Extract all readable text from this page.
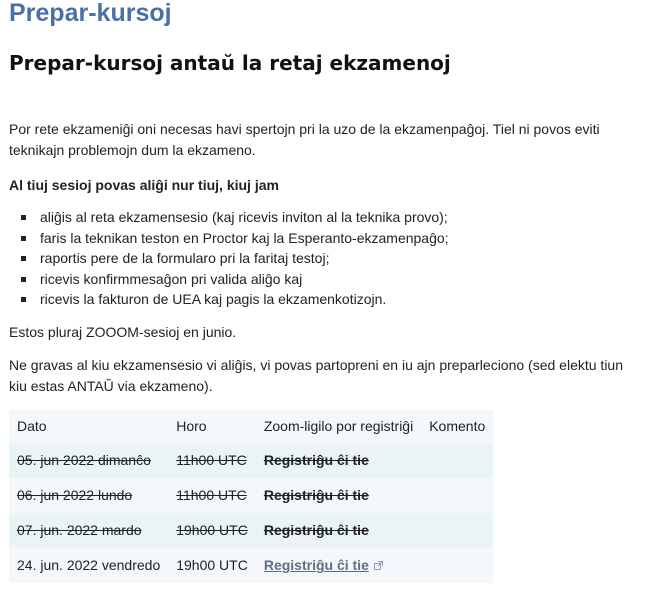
Prepar-kursoj
Prepar-kursoj antaŭ la retaj ekzamenoj

Por rete ekzameniĝi oni necesas havi spertojn pri la uzo de la ekzamenpaĝoj. Tiel ni povos eviti teknikajn problemojn dum la ekzameno.

Al tiuj sesioj povas aliĝi nur tiuj, kiuj jam

aliĝis al reta ekzamensesio (kaj ricevis inviton al la teknika provo);
faris la teknikan teston en Proctor kaj la Esperanto-ekzamenpaĝo;
raportis pere de la formularo pri la faritaj testoj;
ricevis konfirmmesaĝon pri valida aliĝo kaj
ricevis la fakturon de UEA kaj pagis la ekzamenkotizojn.

Estos pluraj ZOOOM-sesioj en junio.

Ne gravas al kiu ekzamensesio vi aliĝis, vi povas partopreni en iu ajn preparleciono (sed elektu tiun kiu estas ANTAŬ via ekzameno).

Dato	Horo	Zoom-ligilo por registriĝi	Komento
05. jun 2022 dimanĉo	11h00 UTC	Registriĝu ĉi tie	
06. jun 2022 lundo	11h00 UTC	Registriĝu ĉi tie	
07. jun. 2022 mardo	19h00 UTC	Registriĝu ĉi tie	
24. jun. 2022 vendredo	19h00 UTC	Registriĝu ĉi tie	
